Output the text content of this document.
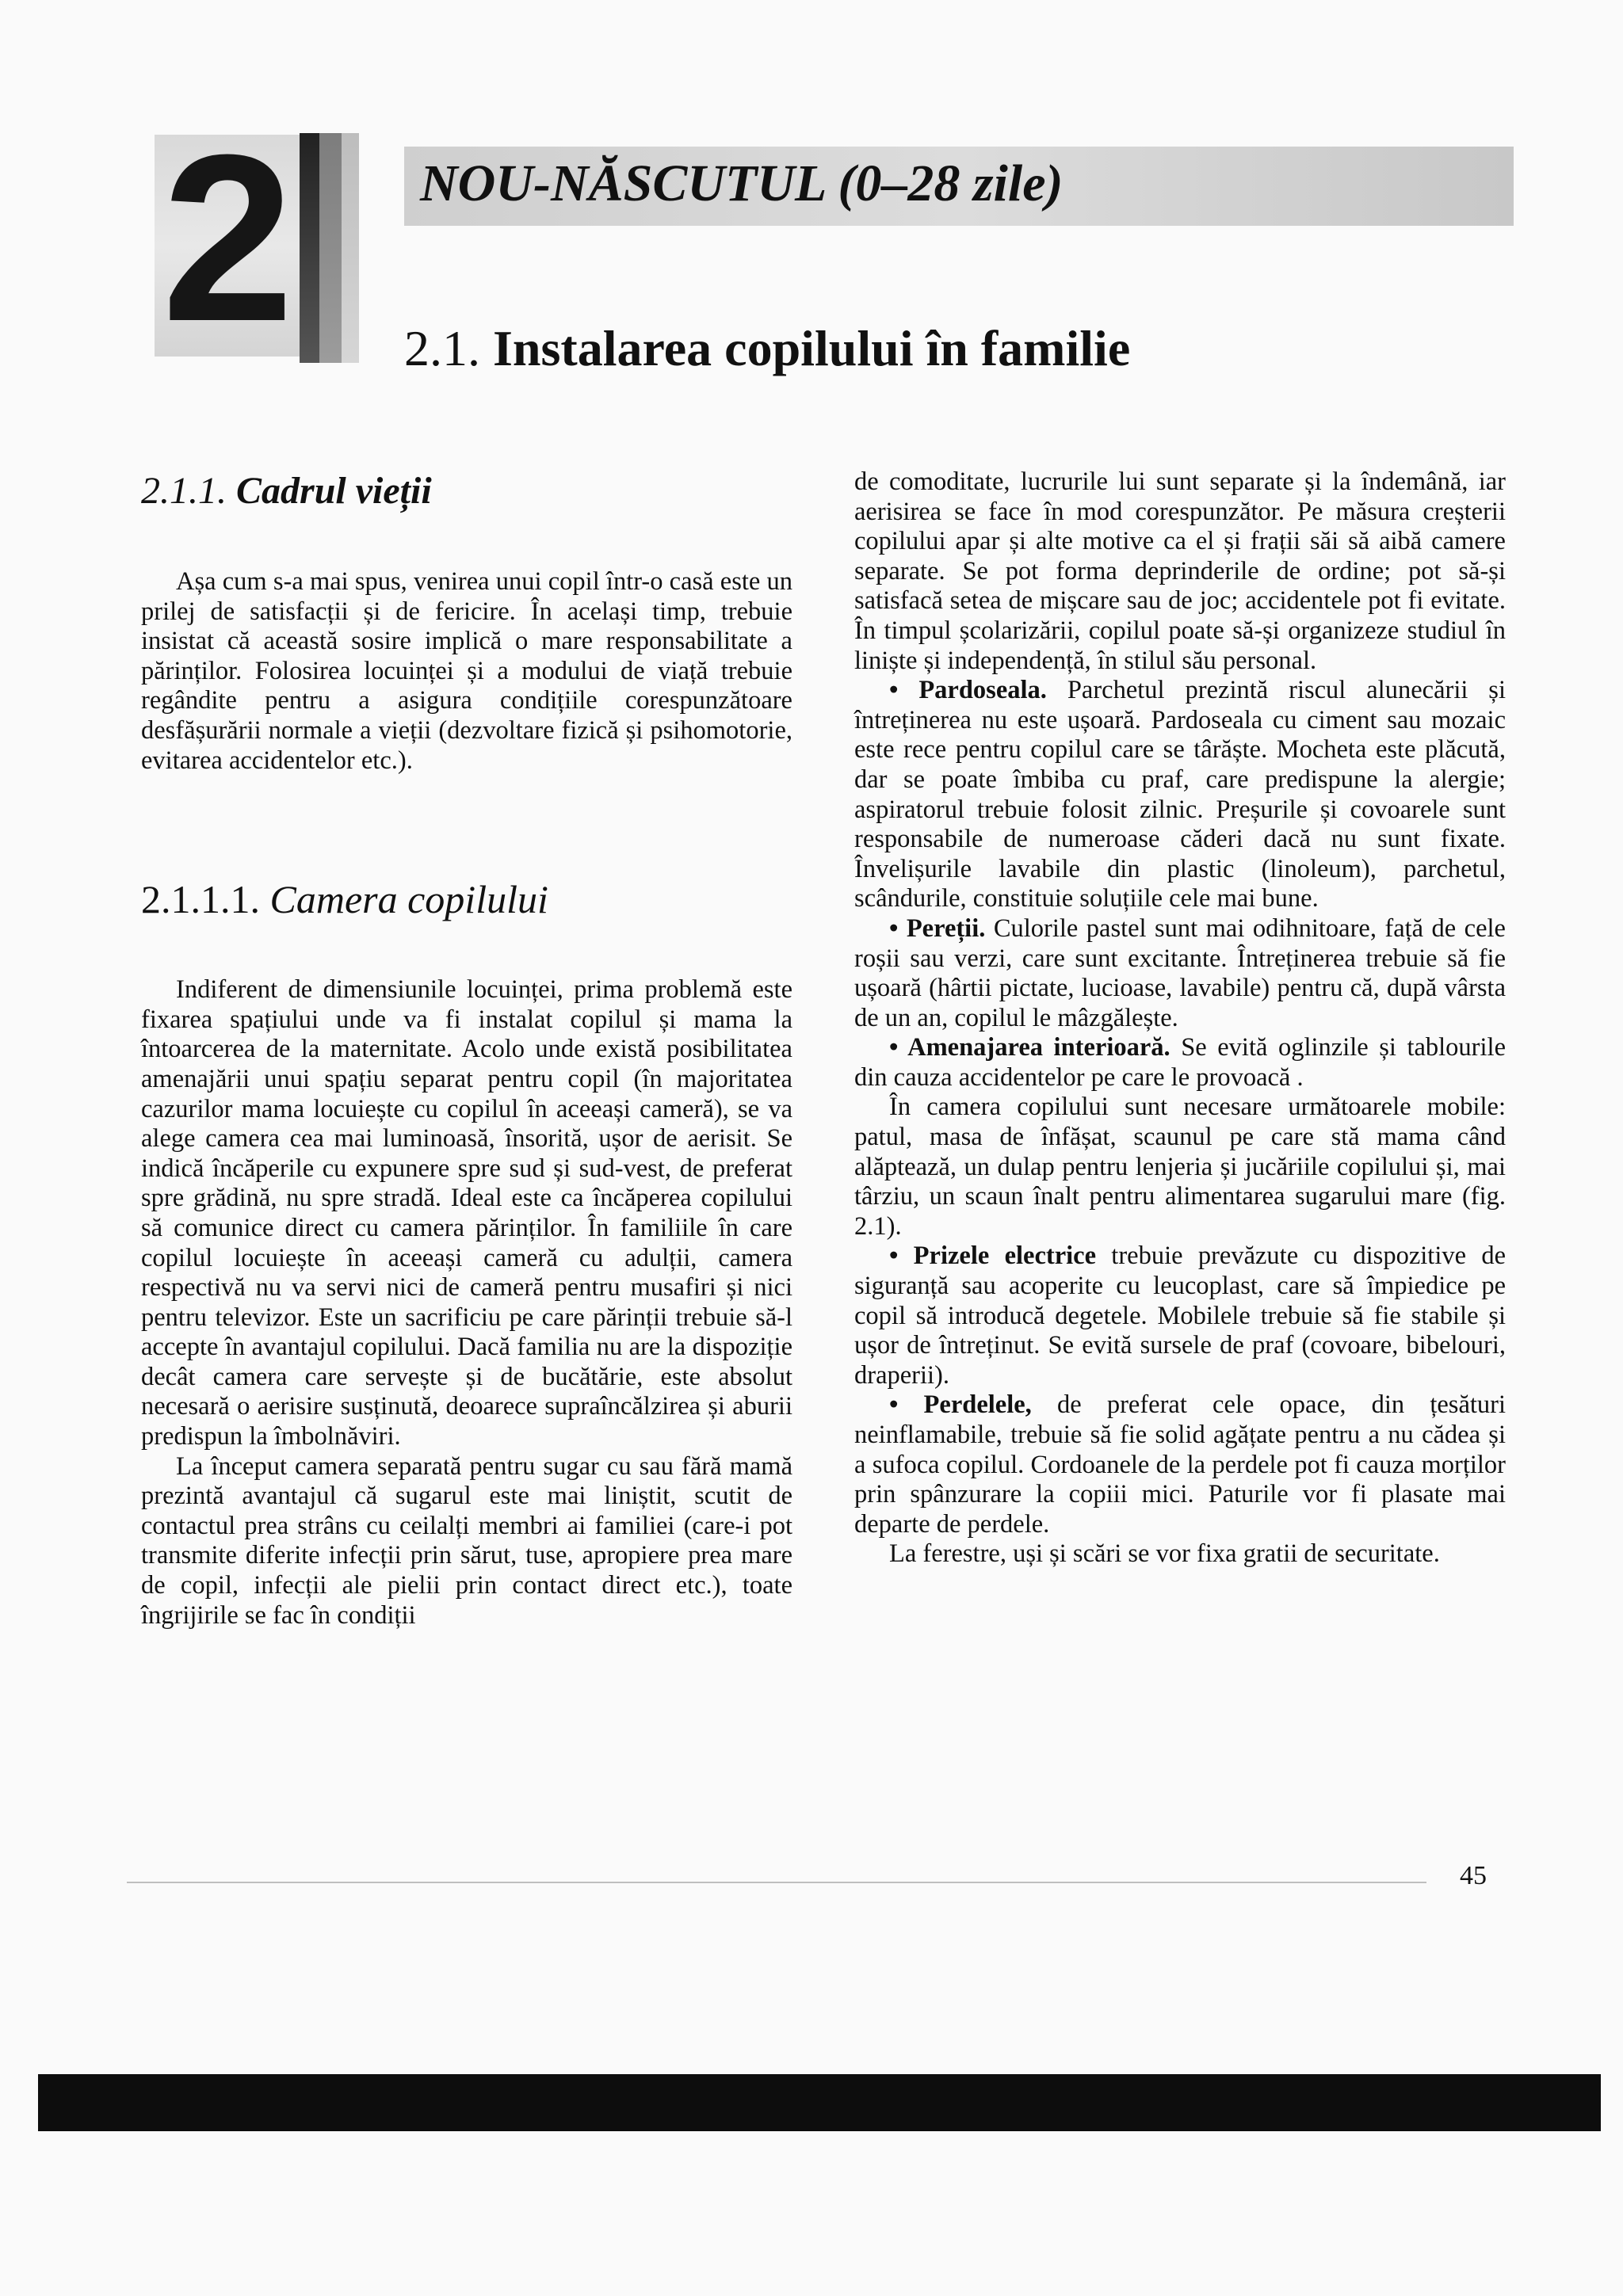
2 NOU-NĂSCUTUL (0–28 zile)
2.1. Instalarea copilului în familie
2.1.1. Cadrul vieții

Așa cum s-a mai spus, venirea unui copil într-o casă este un prilej de satisfacții și de fericire. În același timp, trebuie insistat că această sosire implică o mare responsabilitate a părinților. Folosirea locuinței și a modului de viață trebuie regândite pentru a asigura condițiile corespunzătoare desfășurării normale a vieții (dezvoltare fizică și psihomotorie, evitarea accidentelor etc.).

2.1.1.1. Camera copilului

Indiferent de dimensiunile locuinței, prima problemă este fixarea spațiului unde va fi instalat copilul și mama la întoarcerea de la maternitate. Acolo unde există posibilitatea amenajării unui spațiu separat pentru copil (în majoritatea cazurilor mama locuiește cu copilul în aceeași cameră), se va alege camera cea mai luminoasă, însorită, ușor de aerisit. Se indică încăperile cu expunere spre sud și sud-vest, de preferat spre grădină, nu spre stradă. Ideal este ca încăperea copilului să comunice direct cu camera părinților. În familiile în care copilul locuiește în aceeași cameră cu adulții, camera respectivă nu va servi nici de cameră pentru musafiri și nici pentru televizor. Este un sacrificiu pe care părinții trebuie să-l accepte în avantajul copilului. Dacă familia nu are la dispoziție decât camera care servește și de bucătărie, este absolut necesară o aerisire susținută, deoarece supraîncălzirea și aburii predispun la îmbolnăviri.

La început camera separată pentru sugar cu sau fără mamă prezintă avantajul că sugarul este mai liniștit, scutit de contactul prea strâns cu ceilalți membri ai familiei (care-i pot transmite diferite infecții prin sărut, tuse, apropiere prea mare de copil, infecții ale pielii prin contact direct etc.), toate îngrijirile se fac în condiții

de comoditate, lucrurile lui sunt separate și la îndemână, iar aerisirea se face în mod corespunzător. Pe măsura creșterii copilului apar și alte motive ca el și frații săi să aibă camere separate. Se pot forma deprinderile de ordine; pot să-și satisfacă setea de mișcare sau de joc; accidentele pot fi evitate. În timpul școlarizării, copilul poate să-și organizeze studiul în liniște și independență, în stilul său personal.

• Pardoseala. Parchetul prezintă riscul alunecării și întreținerea nu este ușoară. Pardoseala cu ciment sau mozaic este rece pentru copilul care se târăște. Mocheta este plăcută, dar se poate îmbiba cu praf, care predispune la alergie; aspiratorul trebuie folosit zilnic. Preșurile și covoarele sunt responsabile de numeroase căderi dacă nu sunt fixate. Învelișurile lavabile din plastic (linoleum), parchetul, scândurile, constituie soluțiile cele mai bune.

• Pereții. Culorile pastel sunt mai odihnitoare, față de cele roșii sau verzi, care sunt excitante. Întreținerea trebuie să fie ușoară (hârtii pictate, lucioase, lavabile) pentru că, după vârsta de un an, copilul le mâzgălește.

• Amenajarea interioară. Se evită oglinzile și tablourile din cauza accidentelor pe care le provoacă .

În camera copilului sunt necesare următoarele mobile: patul, masa de înfășat, scaunul pe care stă mama când alăptează, un dulap pentru lenjeria și jucăriile copilului și, mai târziu, un scaun înalt pentru alimentarea sugarului mare (fig. 2.1).

• Prizele electrice trebuie prevăzute cu dispozitive de siguranță sau acoperite cu leucoplast, care să împiedice pe copil să introducă degetele. Mobilele trebuie să fie stabile și ușor de întreținut. Se evită sursele de praf (covoare, bibelouri, draperii).

• Perdelele, de preferat cele opace, din țesături neinflamabile, trebuie să fie solid agățate pentru a nu cădea și a sufoca copilul. Cordoanele de la perdele pot fi cauza morților prin spânzurare la copiii mici. Paturile vor fi plasate mai departe de perdele.

La ferestre, uși și scări se vor fixa gratii de securitate.

45
